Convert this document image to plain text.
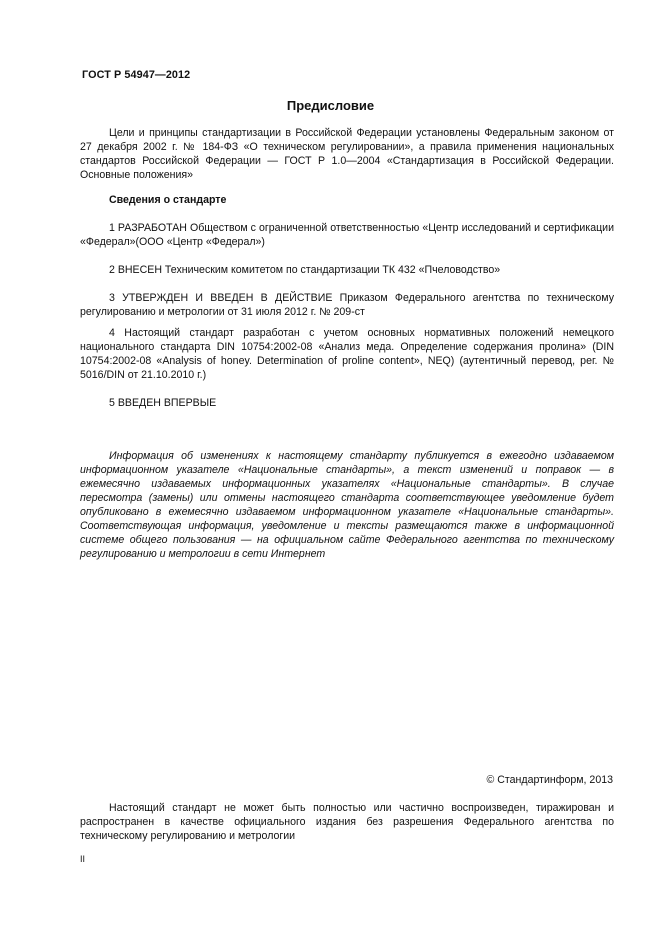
ГОСТ Р 54947—2012
Предисловие

Цели и принципы стандартизации в Российской Федерации установлены Федеральным законом от 27 декабря 2002 г. № 184-ФЗ «О техническом регулировании», а правила применения национальных стандартов Российской Федерации — ГОСТ Р 1.0—2004 «Стандартизация в Российской Федерации. Основные положения»

Сведения о стандарте

1 РАЗРАБОТАН Обществом с ограниченной ответственностью «Центр исследований и сертификации «Федерал»(ООО «Центр «Федерал»)

2 ВНЕСЕН Техническим комитетом по стандартизации ТК 432 «Пчеловодство»

3 УТВЕРЖДЕН И ВВЕДЕН В ДЕЙСТВИЕ Приказом Федерального агентства по техническому регулированию и метрологии от 31 июля 2012 г. № 209-ст

4 Настоящий стандарт разработан с учетом основных нормативных положений немецкого национального стандарта DIN 10754:2002-08 «Анализ меда. Определение содержания пролина» (DIN 10754:2002-08 «Analysis of honey. Determination of proline content», NEQ) (аутентичный перевод, рег. № 5016/DIN от 21.10.2010 г.)

5 ВВЕДЕН ВПЕРВЫЕ

Информация об изменениях к настоящему стандарту публикуется в ежегодно издаваемом информационном указателе «Национальные стандарты», а текст изменений и поправок — в ежемесячно издаваемых информационных указателях «Национальные стандарты». В случае пересмотра (замены) или отмены настоящего стандарта соответствующее уведомление будет опубликовано в ежемесячно издаваемом информационном указателе «Национальные стандарты». Соответствующая информация, уведомление и тексты размещаются также в информационной системе общего пользования — на официальном сайте Федерального агентства по техническому регулированию и метрологии в сети Интернет

© Стандартинформ, 2013

Настоящий стандарт не может быть полностью или частично воспроизведен, тиражирован и распространен в качестве официального издания без разрешения Федерального агентства по техническому регулированию и метрологии

II
